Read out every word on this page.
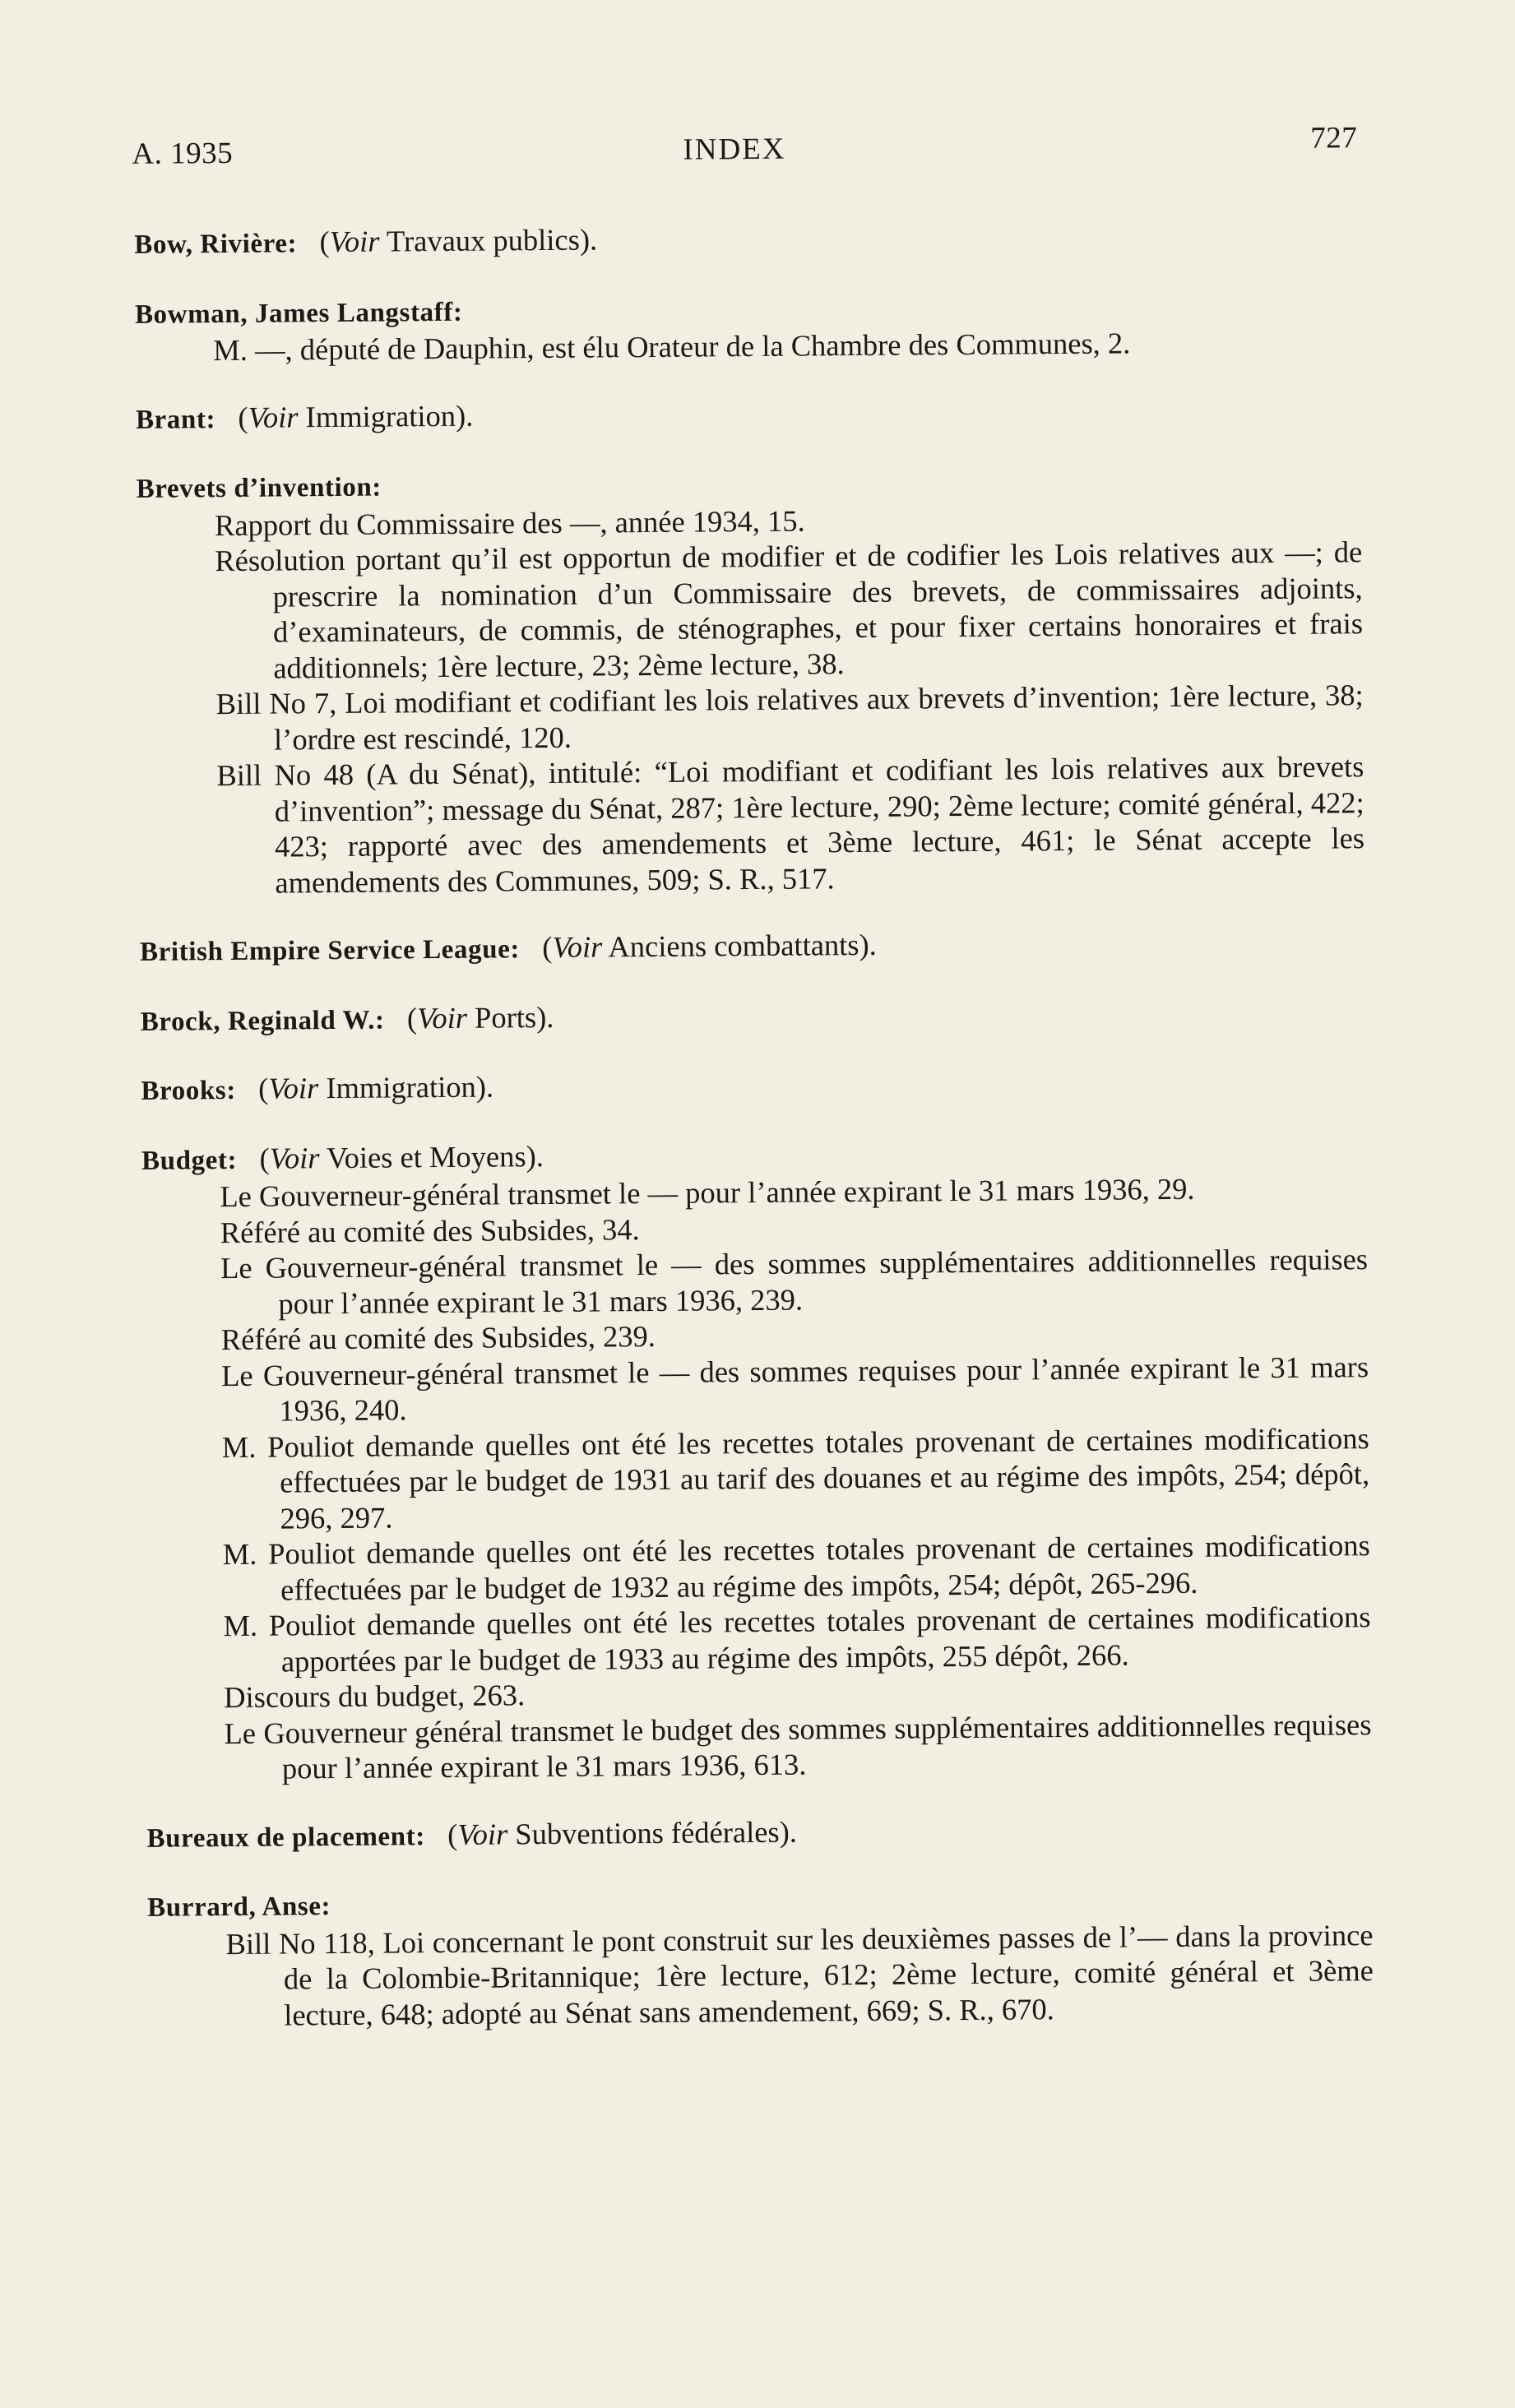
A. 1935	INDEX	727
Bow, Rivière: (Voir Travaux publics).
Bowman, James Langstaff:
M. —, député de Dauphin, est élu Orateur de la Chambre des Communes, 2.
Brant: (Voir Immigration).
Brevets d’invention:
Rapport du Commissaire des —, année 1934, 15.
Résolution portant qu’il est opportun de modifier et de codifier les Lois relatives aux —; de prescrire la nomination d’un Commissaire des brevets, de commissaires adjoints, d’examinateurs, de commis, de sténographes, et pour fixer certains honoraires et frais additionnels; 1ère lecture, 23; 2ème lecture, 38.
Bill No 7, Loi modifiant et codifiant les lois relatives aux brevets d’invention; 1ère lecture, 38; l’ordre est rescindé, 120.
Bill No 48 (A du Sénat), intitulé: “Loi modifiant et codifiant les lois relatives aux brevets d’invention”; message du Sénat, 287; 1ère lecture, 290; 2ème lecture; comité général, 422; 423; rapporté avec des amendements et 3ème lecture, 461; le Sénat accepte les amendements des Communes, 509; S. R., 517.
British Empire Service League: (Voir Anciens combattants).
Brock, Reginald W.: (Voir Ports).
Brooks: (Voir Immigration).
Budget: (Voir Voies et Moyens).
Le Gouverneur-général transmet le — pour l’année expirant le 31 mars 1936, 29.
Référé au comité des Subsides, 34.
Le Gouverneur-général transmet le — des sommes supplémentaires additionnelles requises pour l’année expirant le 31 mars 1936, 239.
Référé au comité des Subsides, 239.
Le Gouverneur-général transmet le — des sommes requises pour l’année expirant le 31 mars 1936, 240.
M. Pouliot demande quelles ont été les recettes totales provenant de certaines modifications effectuées par le budget de 1931 au tarif des douanes et au régime des impôts, 254; dépôt, 296, 297.
M. Pouliot demande quelles ont été les recettes totales provenant de certaines modifications effectuées par le budget de 1932 au régime des impôts, 254; dépôt, 265-296.
M. Pouliot demande quelles ont été les recettes totales provenant de certaines modifications apportées par le budget de 1933 au régime des impôts, 255 dépôt, 266.
Discours du budget, 263.
Le Gouverneur général transmet le budget des sommes supplémentaires additionnelles requises pour l’année expirant le 31 mars 1936, 613.
Bureaux de placement: (Voir Subventions fédérales).
Burrard, Anse:
Bill No 118, Loi concernant le pont construit sur les deuxièmes passes de l’— dans la province de la Colombie-Britannique; 1ère lecture, 612; 2ème lecture, comité général et 3ème lecture, 648; adopté au Sénat sans amendement, 669; S. R., 670.
